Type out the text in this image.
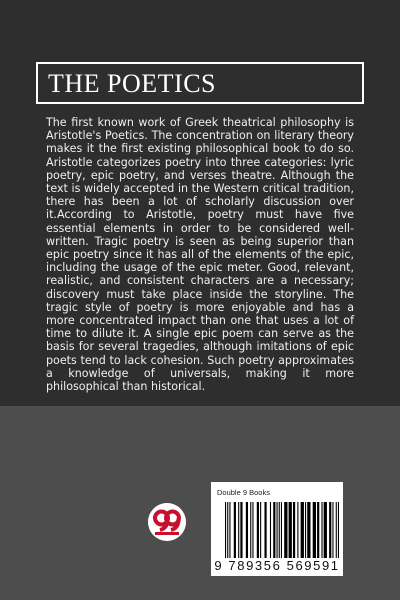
THE POETICS

The first known work of Greek theatrical philosophy is Aristotle's Poetics. The concentration on literary theory makes it the first existing philosophical book to do so. Aristotle categorizes poetry into three categories: lyric poetry, epic poetry, and verses theatre. Although the text is widely accepted in the Western critical tradition, there has been a lot of scholarly discussion over it.According to Aristotle, poetry must have five essential elements in order to be considered well-written. Tragic poetry is seen as being superior than epic poetry since it has all of the elements of the epic, including the usage of the epic meter. Good, relevant, realistic, and consistent characters are a necessary; discovery must take place inside the storyline. The tragic style of poetry is more enjoyable and has a more concentrated impact than one that uses a lot of time to dilute it. A single epic poem can serve as the basis for several tragedies, although imitations of epic poets tend to lack cohesion. Such poetry approximates a knowledge of universals, making it more philosophical than historical.

Double 9 Books
9 789356 569591
